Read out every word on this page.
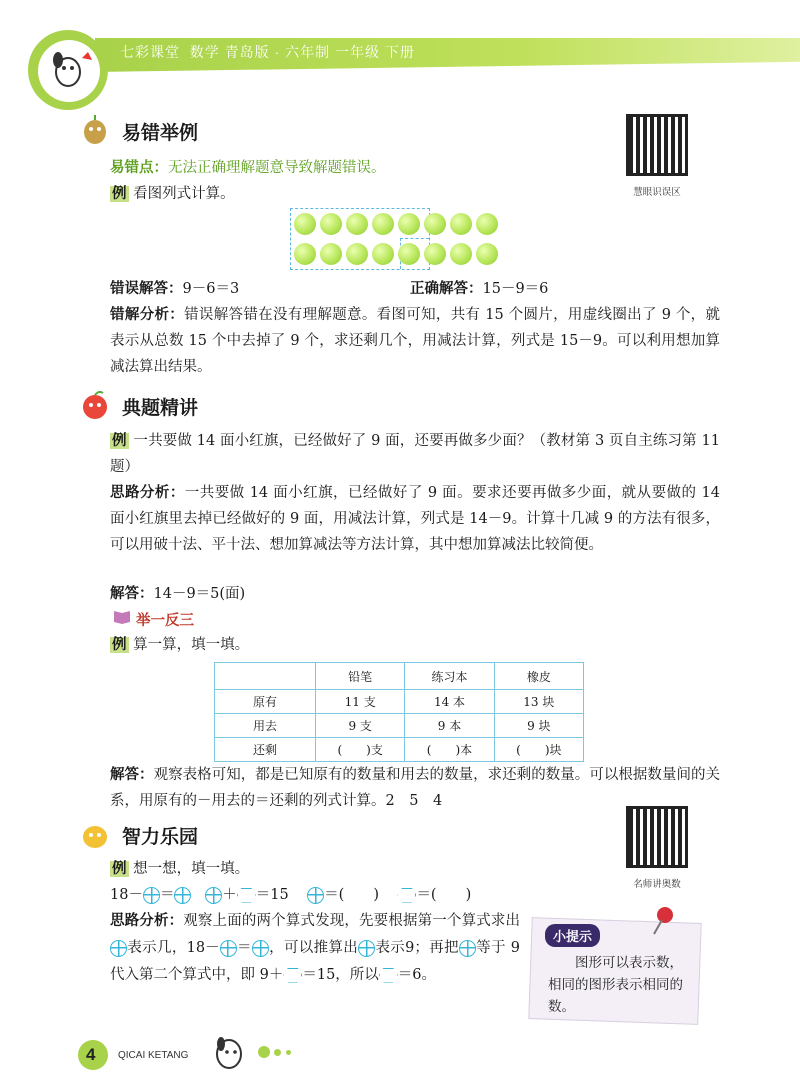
七彩课堂 数学 青岛版 · 六年制 一年级 下册
易错举例
慧眼识误区
易错点：无法正确理解题意导致解题错误。
例 看图列式计算。
错误解答：9－6＝3	正确解答：15－9＝6
错解分析：错误解答错在没有理解题意。看图可知，共有 15 个圆片，用虚线圈出了 9 个，就表示从总数 15 个中去掉了 9 个，求还剩几个，用减法计算，列式是 15－9。可以利用想加算减法算出结果。
典题精讲
例 一共要做 14 面小红旗，已经做好了 9 面，还要再做多少面？（教材第 3 页自主练习第 11 题）
思路分析：一共要做 14 面小红旗，已经做好了 9 面。要求还要再做多少面，就从要做的 14 面小红旗里去掉已经做好的 9 面，用减法计算，列式是 14－9。计算十几减 9 的方法有很多，可以用破十法、平十法、想加算减法等方法计算，其中想加算减法比较简便。
解答：14－9＝5(面)
举一反三
例 算一算，填一填。
	铅笔	练习本	橡皮
原有	11 支	14 本	13 块
用去	9 支	9 本	9 块
还剩	(　　)支	(　　)本	(　　)块
解答：观察表格可知，都是已知原有的数量和用去的数量，求还剩的数量。可以根据数量间的关系，用原有的－用去的＝还剩的列式计算。2　5　4
智力乐园
名师讲奥数
例 想一想，填一填。
18－ ＝	＋ ＝15 ＝(　　)	＝(　　)
思路分析：观察上面的两个算式发现，先要根据第一个算式求出表示几，18－ ＝ ，可以推算出 表示9；再把 等于 9 代入第二个算式中，即 9＋ ＝15，所以 ＝6。
小提示
图形可以表示数，相同的图形表示相同的数。
4 QICAI KETANG
